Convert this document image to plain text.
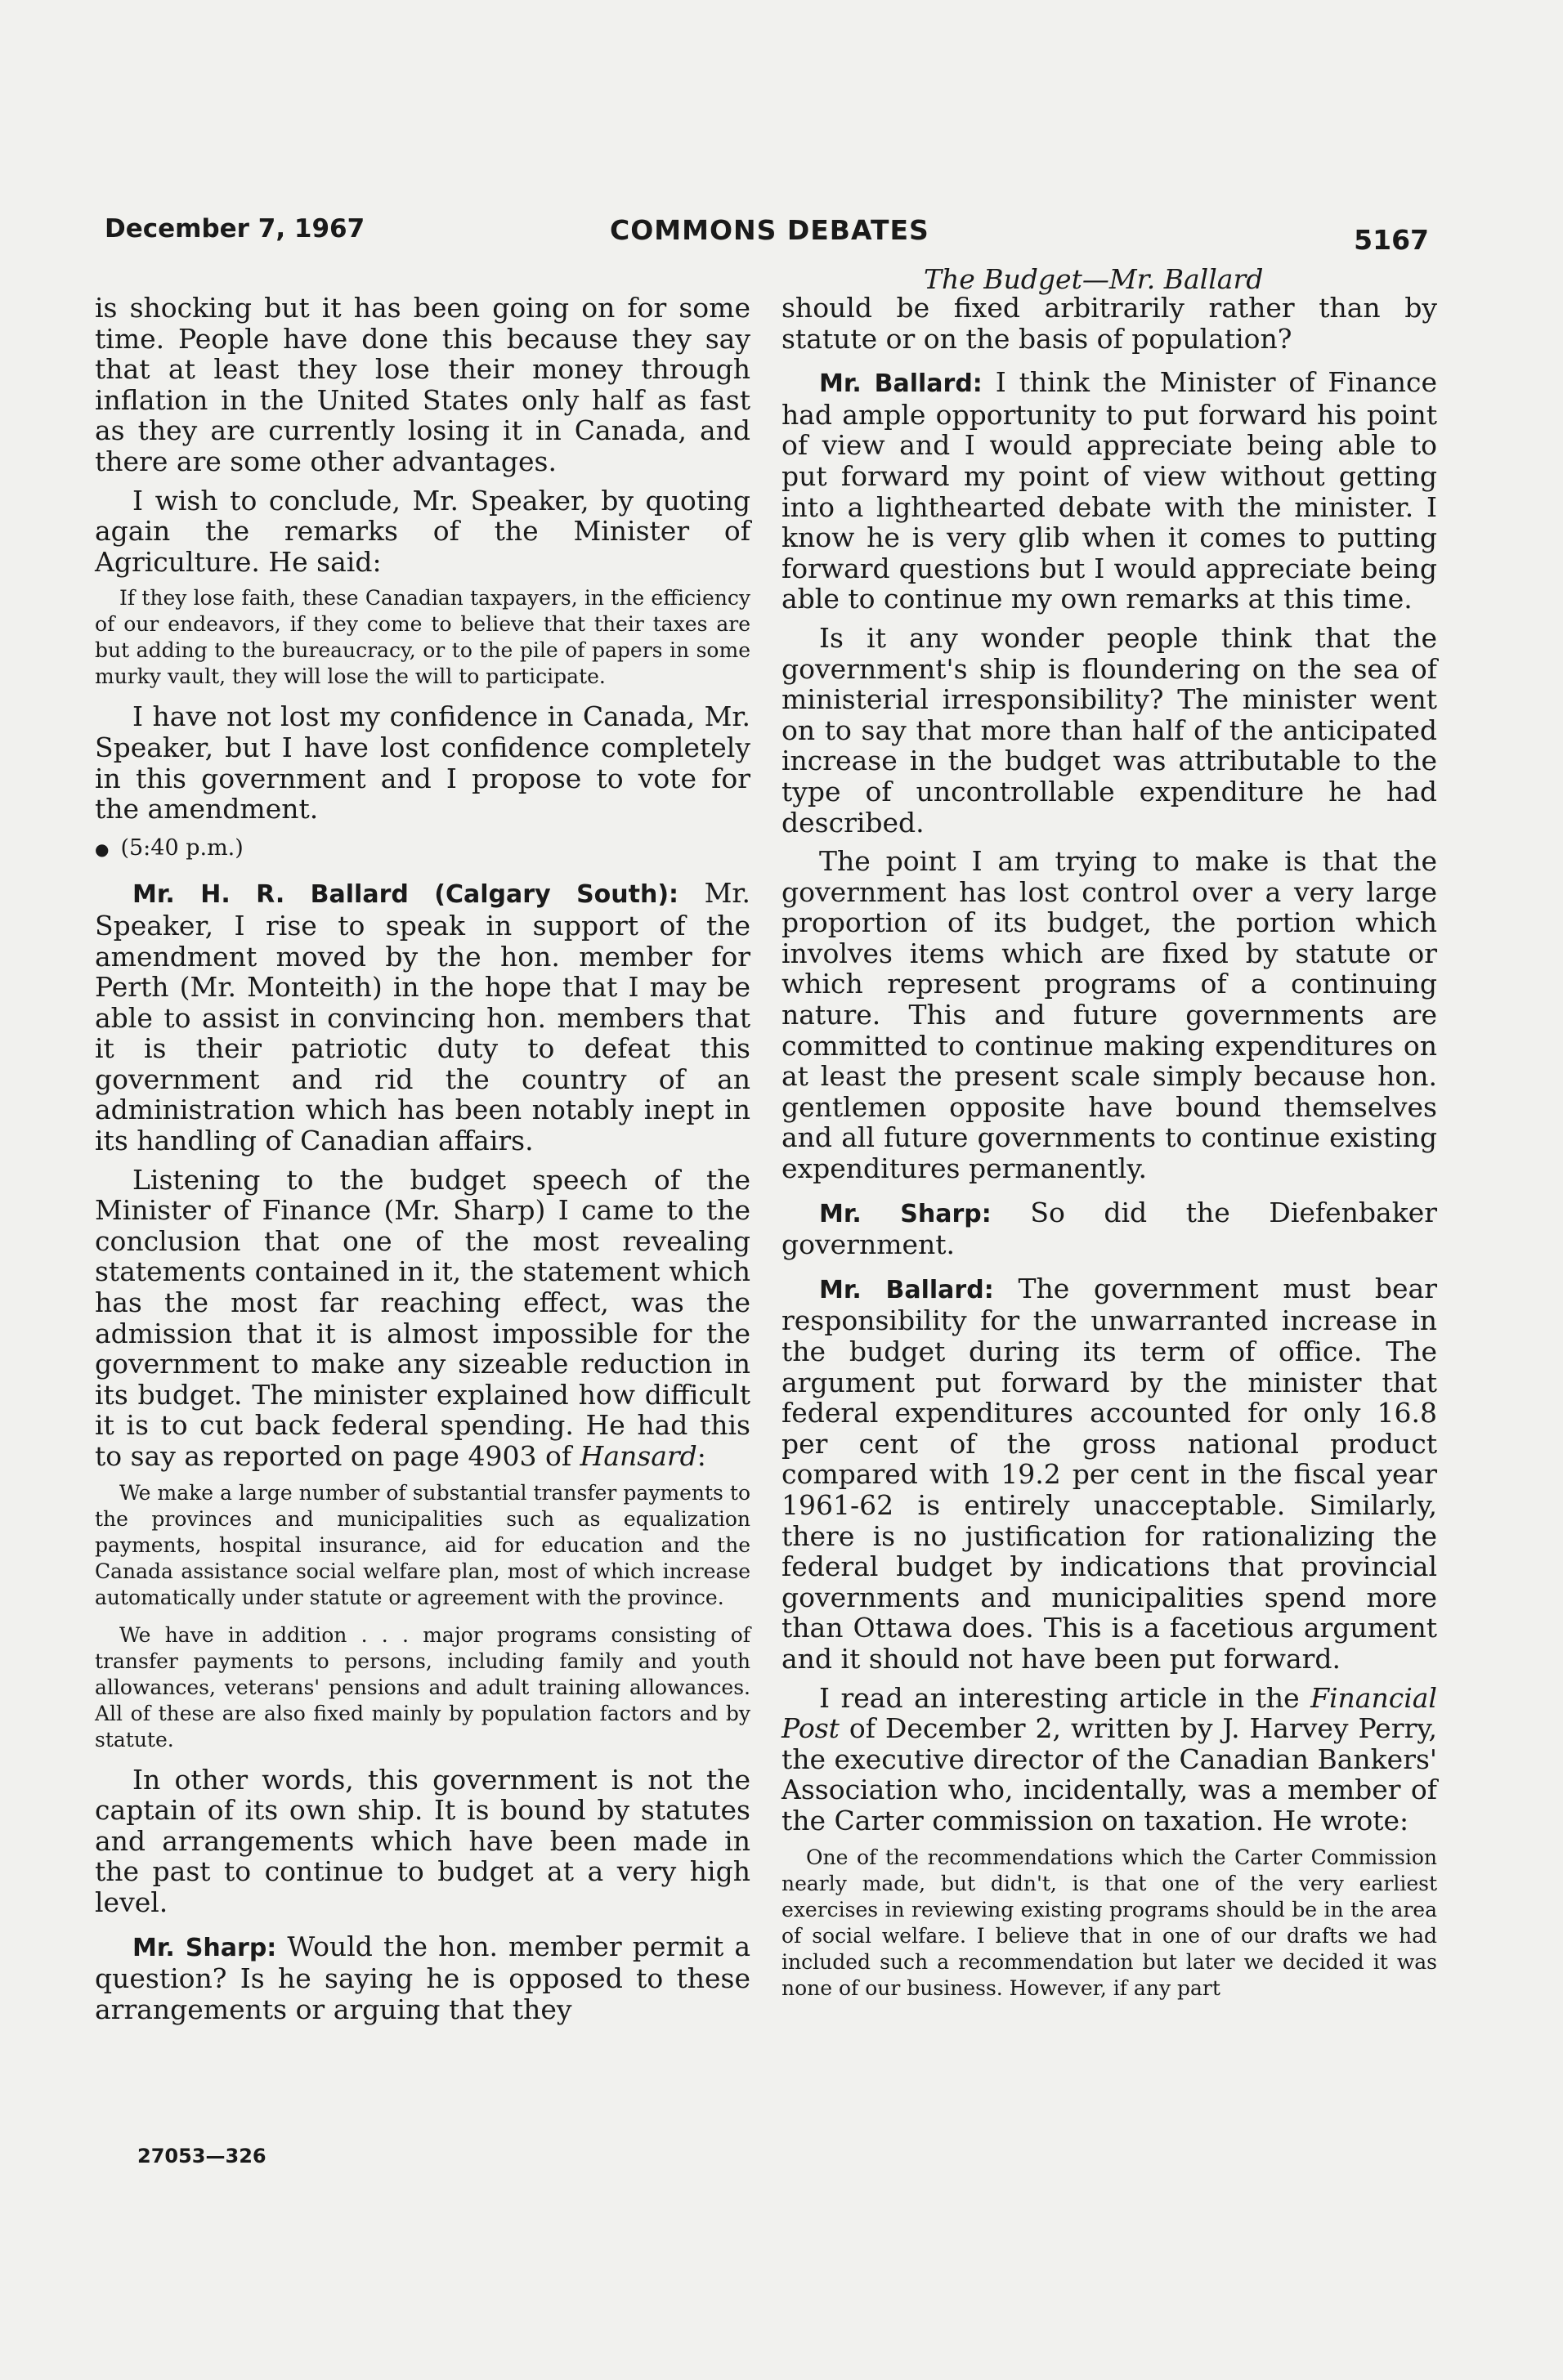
December 7, 1967	COMMONS DEBATES	5167
The Budget—Mr. Ballard

is shocking but it has been going on for some time. People have done this because they say that at least they lose their money through inflation in the United States only half as fast as they are currently losing it in Canada, and there are some other advantages.

I wish to conclude, Mr. Speaker, by quoting again the remarks of the Minister of Agriculture. He said:

If they lose faith, these Canadian taxpayers, in the efficiency of our endeavors, if they come to believe that their taxes are but adding to the bureaucracy, or to the pile of papers in some murky vault, they will lose the will to participate.

I have not lost my confidence in Canada, Mr. Speaker, but I have lost confidence completely in this government and I propose to vote for the amendment.

● (5:40 p.m.)

Mr. H. R. Ballard (Calgary South): Mr. Speaker, I rise to speak in support of the amendment moved by the hon. member for Perth (Mr. Monteith) in the hope that I may be able to assist in convincing hon. members that it is their patriotic duty to defeat this government and rid the country of an administration which has been notably inept in its handling of Canadian affairs.

Listening to the budget speech of the Minister of Finance (Mr. Sharp) I came to the conclusion that one of the most revealing statements contained in it, the statement which has the most far reaching effect, was the admission that it is almost impossible for the government to make any sizeable reduction in its budget. The minister explained how difficult it is to cut back federal spending. He had this to say as reported on page 4903 of Hansard:

We make a large number of substantial transfer payments to the provinces and municipalities such as equalization payments, hospital insurance, aid for education and the Canada assistance social welfare plan, most of which increase automatically under statute or agreement with the province.
We have in addition . . . major programs consisting of transfer payments to persons, including family and youth allowances, veterans' pensions and adult training allowances. All of these are also fixed mainly by population factors and by statute.

In other words, this government is not the captain of its own ship. It is bound by statutes and arrangements which have been made in the past to continue to budget at a very high level.

Mr. Sharp: Would the hon. member permit a question? Is he saying he is opposed to these arrangements or arguing that they

should be fixed arbitrarily rather than by statute or on the basis of population?

Mr. Ballard: I think the Minister of Finance had ample opportunity to put forward his point of view and I would appreciate being able to put forward my point of view without getting into a lighthearted debate with the minister. I know he is very glib when it comes to putting forward questions but I would appreciate being able to continue my own remarks at this time.

Is it any wonder people think that the government's ship is floundering on the sea of ministerial irresponsibility? The minister went on to say that more than half of the anticipated increase in the budget was attributable to the type of uncontrollable expenditure he had described.

The point I am trying to make is that the government has lost control over a very large proportion of its budget, the portion which involves items which are fixed by statute or which represent programs of a continuing nature. This and future governments are committed to continue making expenditures on at least the present scale simply because hon. gentlemen opposite have bound themselves and all future governments to continue existing expenditures permanently.

Mr. Sharp: So did the Diefenbaker government.

Mr. Ballard: The government must bear responsibility for the unwarranted increase in the budget during its term of office. The argument put forward by the minister that federal expenditures accounted for only 16.8 per cent of the gross national product compared with 19.2 per cent in the fiscal year 1961-62 is entirely unacceptable. Similarly, there is no justification for rationalizing the federal budget by indications that provincial governments and municipalities spend more than Ottawa does. This is a facetious argument and it should not have been put forward.

I read an interesting article in the Financial Post of December 2, written by J. Harvey Perry, the executive director of the Canadian Bankers' Association who, incidentally, was a member of the Carter commission on taxation. He wrote:

One of the recommendations which the Carter Commission nearly made, but didn't, is that one of the very earliest exercises in reviewing existing programs should be in the area of social welfare. I believe that in one of our drafts we had included such a recommendation but later we decided it was none of our business. However, if any part
27053—326
